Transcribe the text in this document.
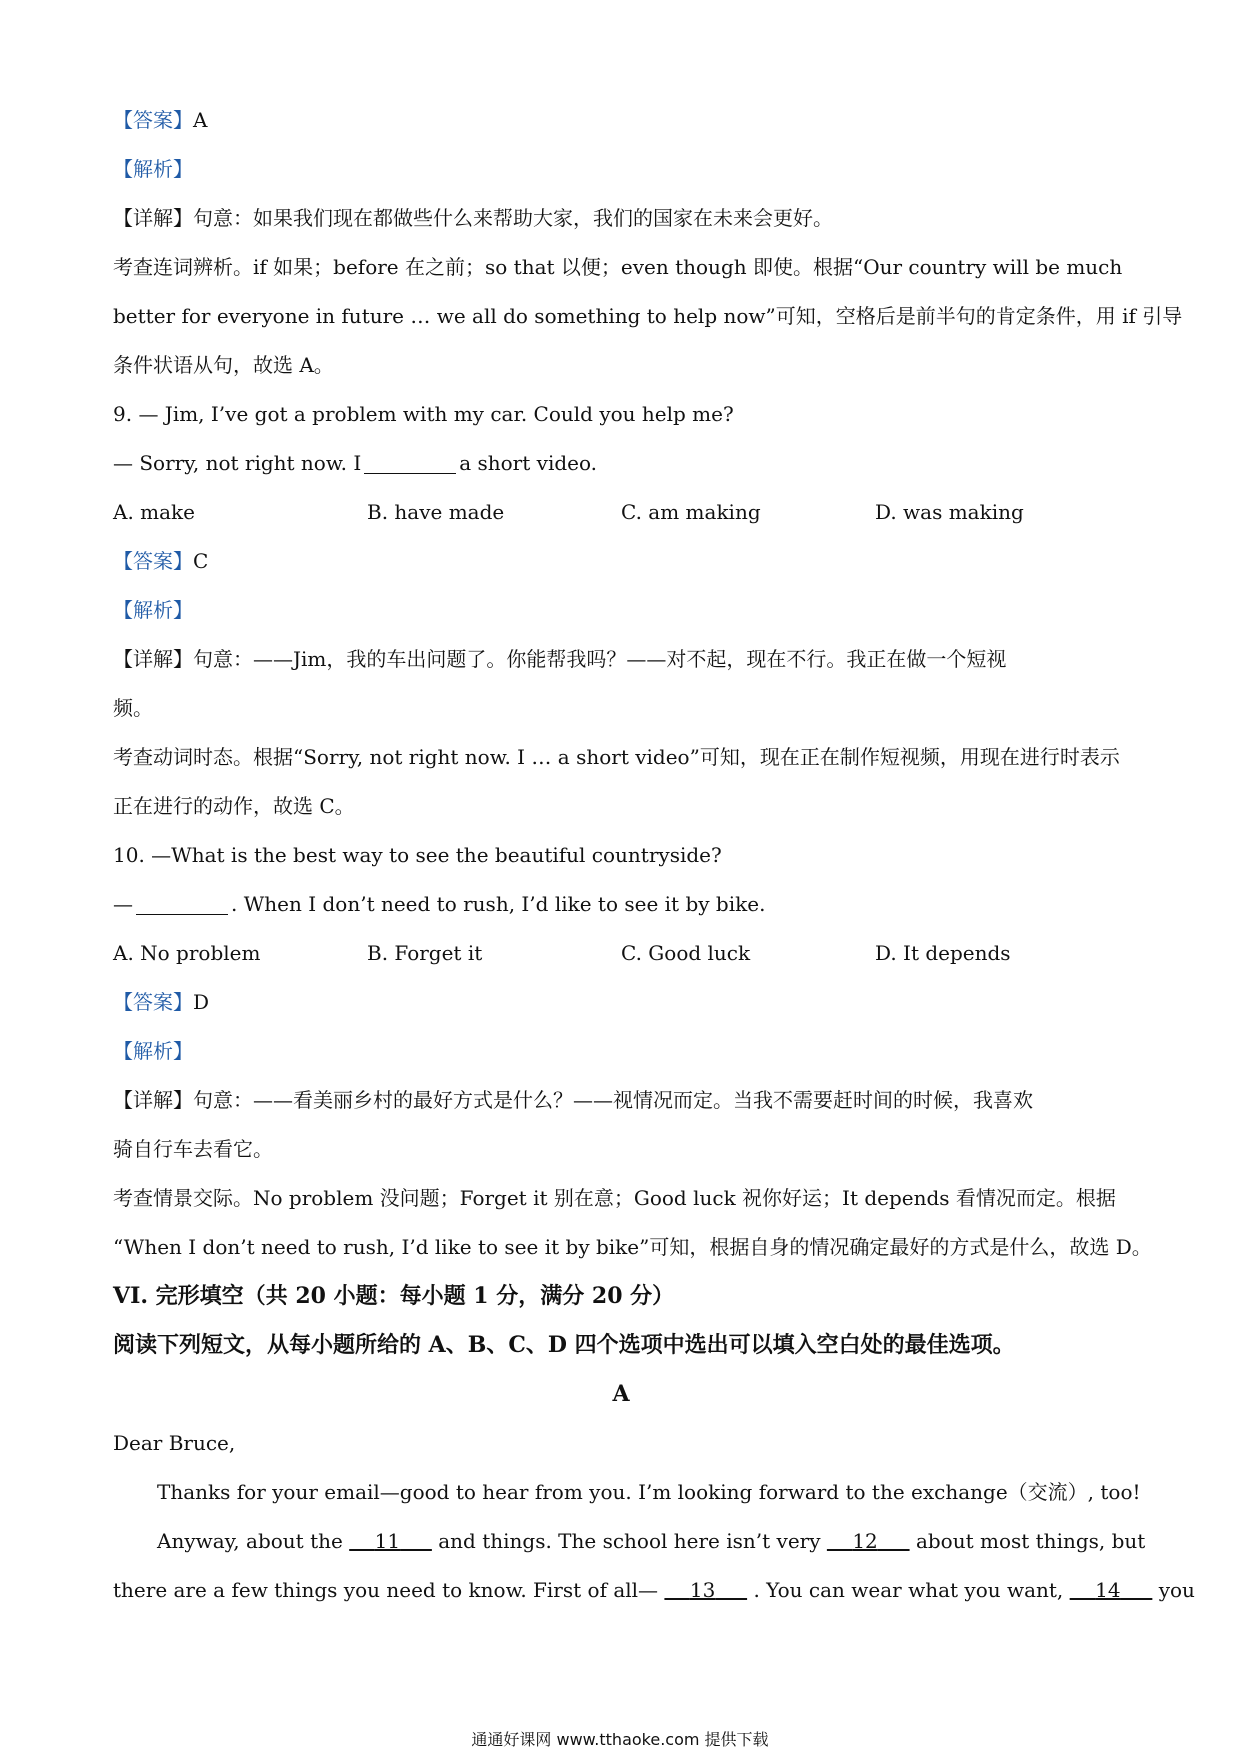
【答案】A
【解析】
【详解】句意：如果我们现在都做些什么来帮助大家，我们的国家在未来会更好。
考查连词辨析。if 如果；before 在之前；so that 以便；even though 即使。根据“Our country will be much
better for everyone in future … we all do something to help now”可知，空格后是前半句的肯定条件，用 if 引导
条件状语从句，故选 A。
9. — Jim, I’ve got a problem with my car. Could you help me?
— Sorry, not right now. I	a short video.
A. make	B. have made	C. am making	D. was making
【答案】C
【解析】
【详解】句意：——Jim，我的车出问题了。你能帮我吗？——对不起，现在不行。我正在做一个短视
频。
考查动词时态。根据“Sorry, not right now. I … a short video”可知，现在正在制作短视频，用现在进行时表示
正在进行的动作，故选 C。
10. —What is the best way to see the beautiful countryside?
—	. When I don’t need to rush, I’d like to see it by bike.
A. No problem	B. Forget it	C. Good luck	D. It depends
【答案】D
【解析】
【详解】句意：——看美丽乡村的最好方式是什么？——视情况而定。当我不需要赶时间的时候，我喜欢
骑自行车去看它。
考查情景交际。No problem 没问题；Forget it 别在意；Good luck 祝你好运；It depends 看情况而定。根据
“When I don’t need to rush, I’d like to see it by bike”可知，根据自身的情况确定最好的方式是什么，故选 D。
VI. 完形填空（共 20 小题：每小题 1 分，满分 20 分）
阅读下列短文，从每小题所给的 A、B、C、D 四个选项中选出可以填入空白处的最佳选项。
A
Dear Bruce,
Thanks for your email—good to hear from you. I’m looking forward to the exchange（交流）, too!
Anyway, about the 11 and things. The school here isn’t very 12 about most things, but
there are a few things you need to know. First of all— 13 . You can wear what you want, 14 you
通通好课网 www.tthaoke.com 提供下载
